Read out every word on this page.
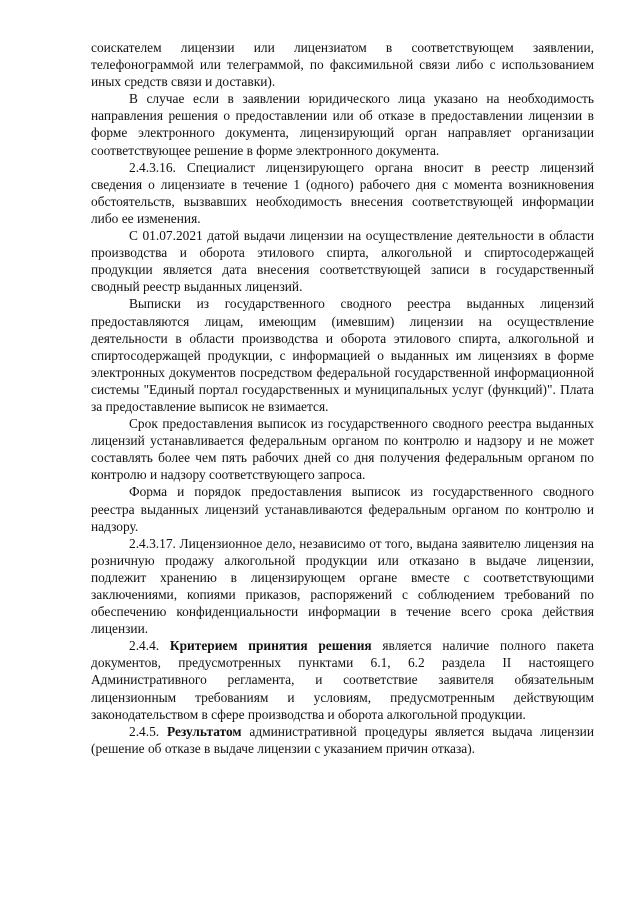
соискателем лицензии или лицензиатом в соответствующем заявлении, телефонограммой или телеграммой, по факсимильной связи либо с использованием иных средств связи и доставки).

В случае если в заявлении юридического лица указано на необходимость направления решения о предоставлении или об отказе в предоставлении лицензии в форме электронного документа, лицензирующий орган направляет организации соответствующее решение в форме электронного документа.

2.4.3.16. Специалист лицензирующего органа вносит в реестр лицензий сведения о лицензиате в течение 1 (одного) рабочего дня с момента возникновения обстоятельств, вызвавших необходимость внесения соответствующей информации либо ее изменения.

С 01.07.2021 датой выдачи лицензии на осуществление деятельности в области производства и оборота этилового спирта, алкогольной и спиртосодержащей продукции является дата внесения соответствующей записи в государственный сводный реестр выданных лицензий.

Выписки из государственного сводного реестра выданных лицензий предоставляются лицам, имеющим (имевшим) лицензии на осуществление деятельности в области производства и оборота этилового спирта, алкогольной и спиртосодержащей продукции, с информацией о выданных им лицензиях в форме электронных документов посредством федеральной государственной информационной системы "Единый портал государственных и муниципальных услуг (функций)". Плата за предоставление выписок не взимается.

Срок предоставления выписок из государственного сводного реестра выданных лицензий устанавливается федеральным органом по контролю и надзору и не может составлять более чем пять рабочих дней со дня получения федеральным органом по контролю и надзору соответствующего запроса.

Форма и порядок предоставления выписок из государственного сводного реестра выданных лицензий устанавливаются федеральным органом по контролю и надзору.

2.4.3.17. Лицензионное дело, независимо от того, выдана заявителю лицензия на розничную продажу алкогольной продукции или отказано в выдаче лицензии, подлежит хранению в лицензирующем органе вместе с соответствующими заключениями, копиями приказов, распоряжений с соблюдением требований по обеспечению конфиденциальности информации в течение всего срока действия лицензии.

2.4.4. Критерием принятия решения является наличие полного пакета документов, предусмотренных пунктами 6.1, 6.2 раздела II настоящего Административного регламента, и соответствие заявителя обязательным лицензионным требованиям и условиям, предусмотренным действующим законодательством в сфере производства и оборота алкогольной продукции.

2.4.5. Результатом административной процедуры является выдача лицензии (решение об отказе в выдаче лицензии с указанием причин отказа).
